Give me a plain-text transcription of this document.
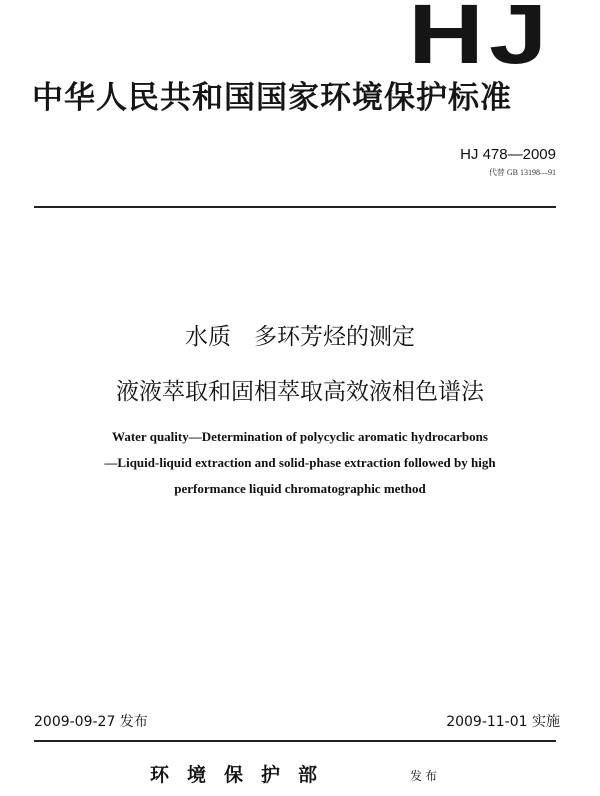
HJ
中华人民共和国国家环境保护标准
HJ 478—2009
代替 GB 13198—91
水质　多环芳烃的测定
液液萃取和固相萃取高效液相色谱法
Water quality—Determination of polycyclic aromatic hydrocarbons
—Liquid-liquid extraction and solid-phase extraction followed by high
performance liquid chromatographic method
2009-09-27 发布	2009-11-01 实施
环境保护部	发布
